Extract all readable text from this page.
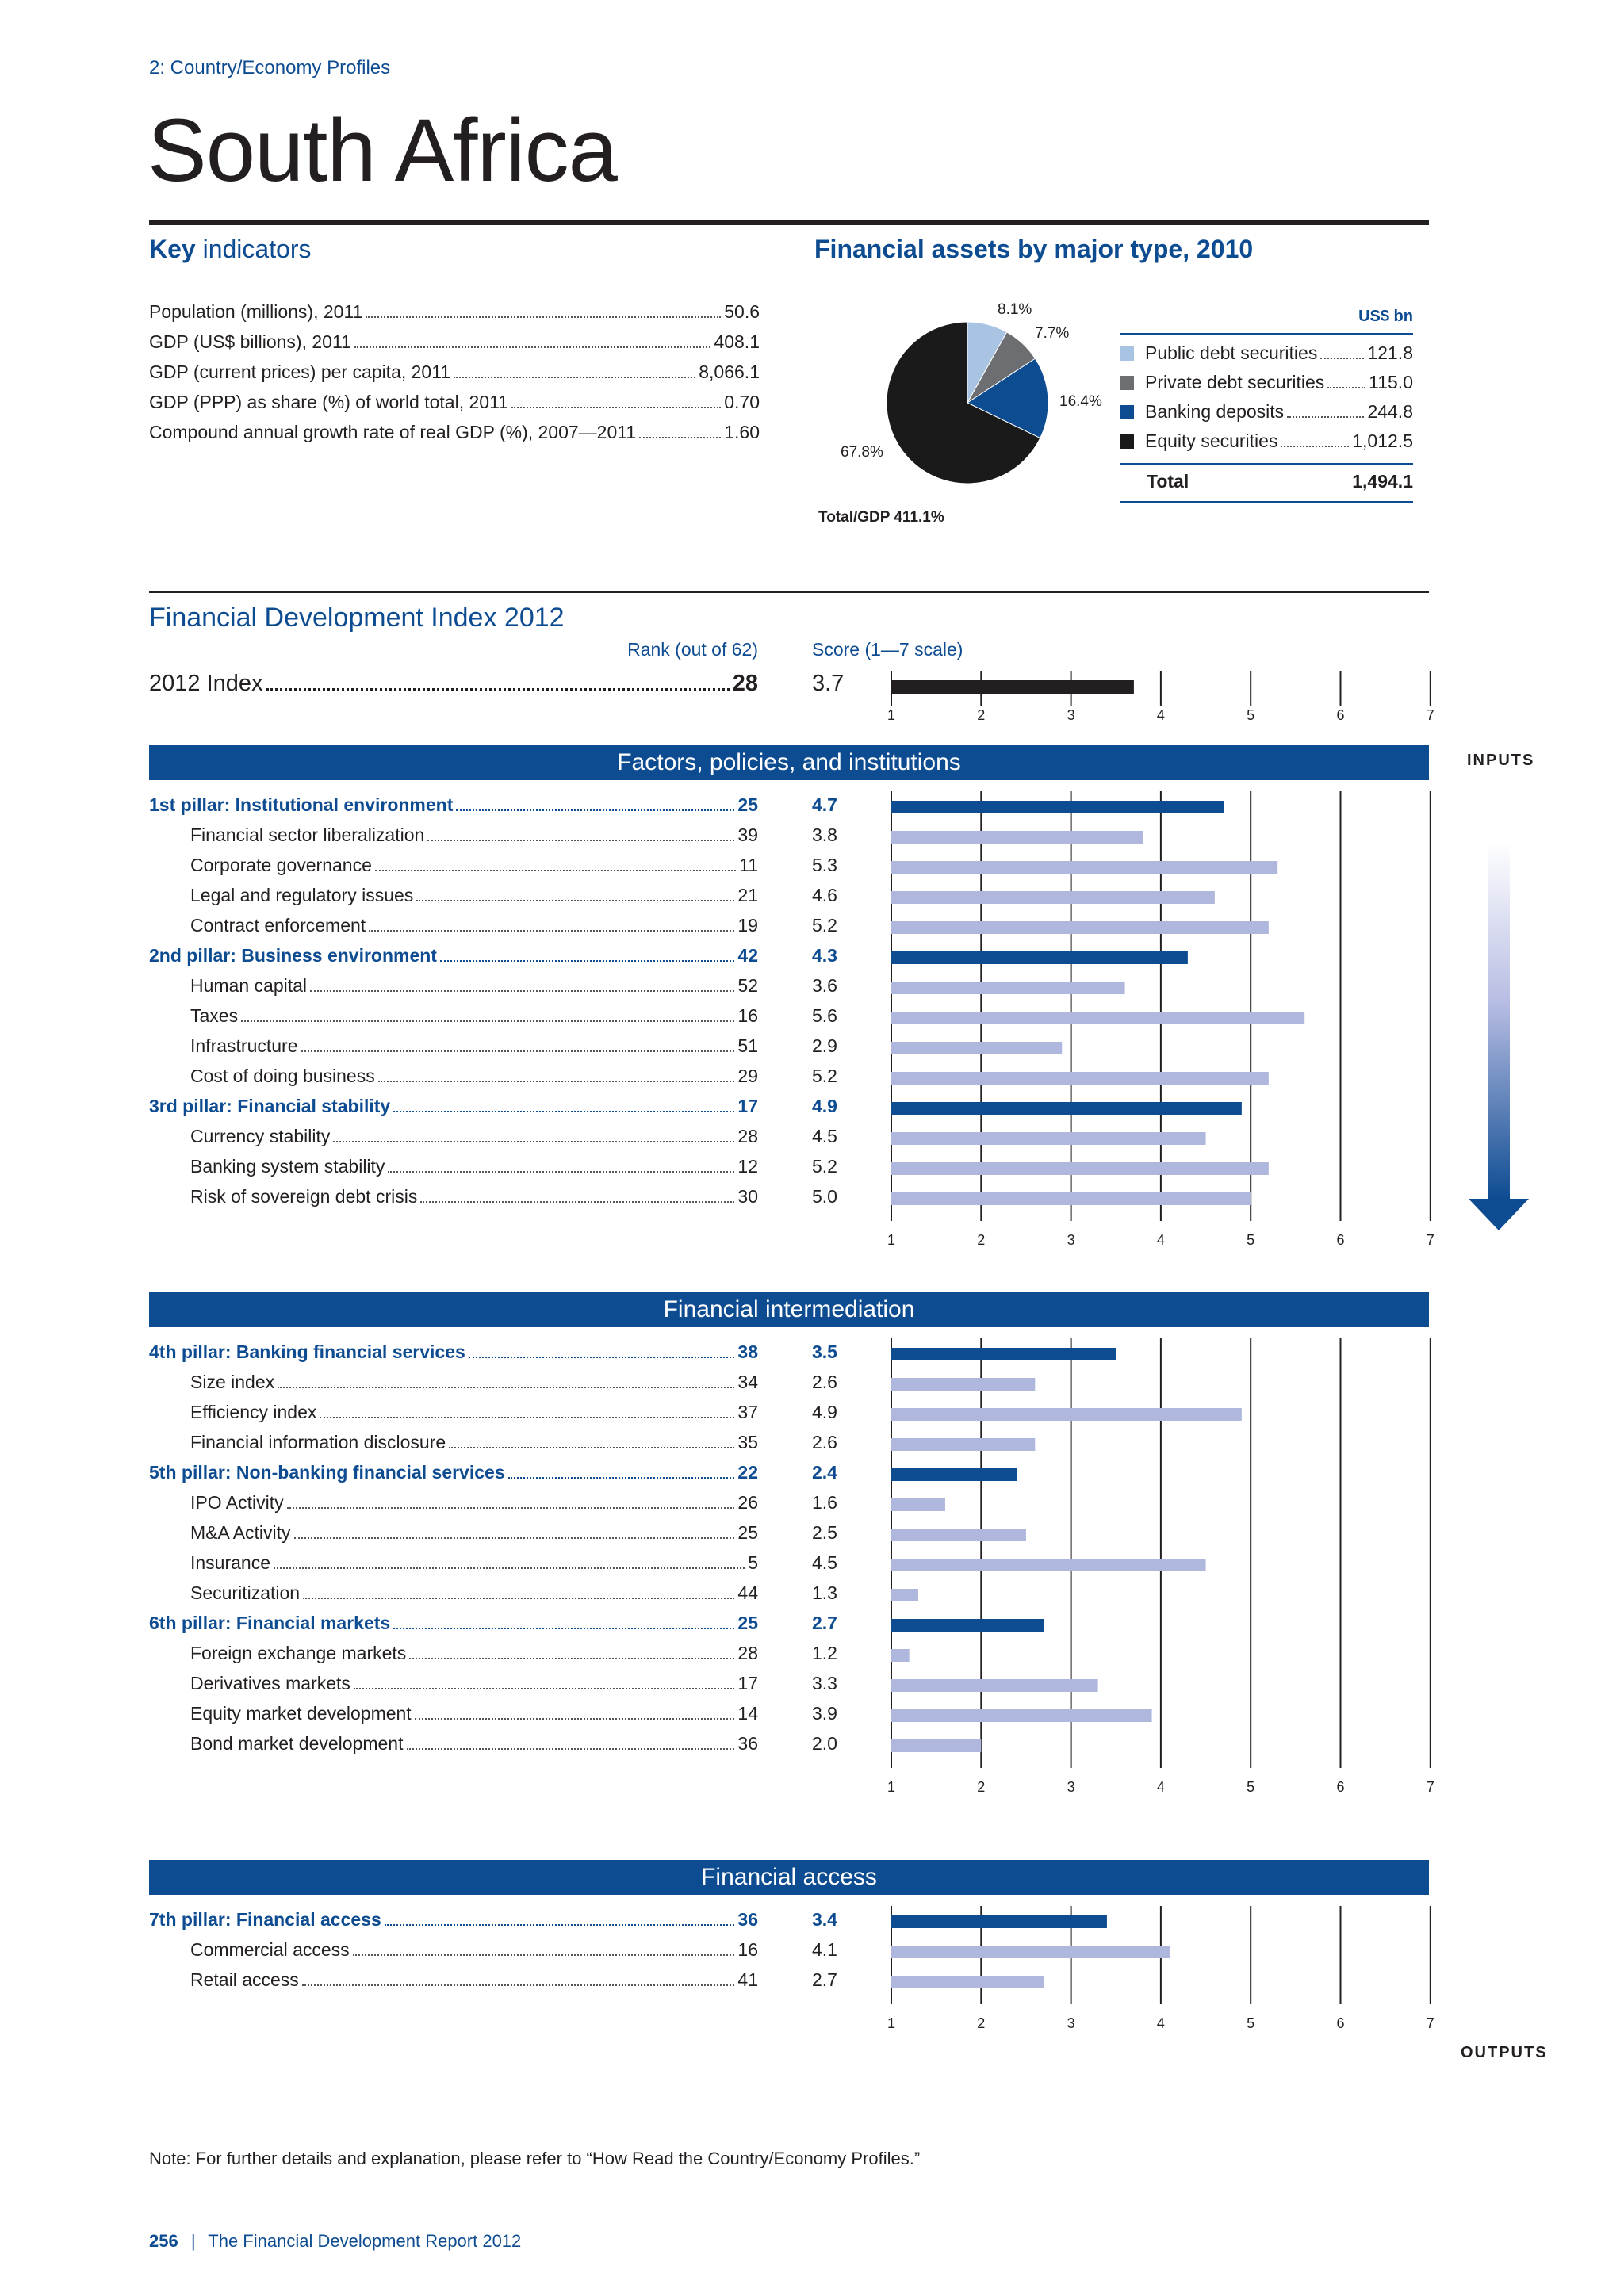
2: Country/Economy Profiles
South Africa
Key indicators
Population (millions), 2011	50.6
GDP (US$ billions), 2011	408.1
GDP (current prices) per capita, 2011	8,066.1
GDP (PPP) as share (%) of world total, 2011	0.70
Compound annual growth rate of real GDP (%), 2007—2011	1.60
Financial assets by major type, 2010
8.1%
7.7%
16.4%
67.8%
Total/GDP 411.1%
US$ bn
Public debt securities	121.8
Private debt securities 115.0
Banking deposits	244.8
Equity securities	1,012.5
Total	1,494.1
Financial Development Index 2012
Rank (out of 62)	Score (1—7 scale)
2012 Index	28 3.7
1	2	3	4	5	6	7
Factors, policies, and institutions
1st pillar: Institutional environment	25	4.7
Financial sector liberalization	39	3.8
Corporate governance	11	5.3
Legal and regulatory issues	21	4.6
Contract enforcement	19	5.2
2nd pillar: Business environment	42	4.3
Human capital	52	3.6
Taxes	16	5.6
Infrastructure	51	2.9
Cost of doing business	29	5.2
3rd pillar: Financial stability	17	4.9
Currency stability	28	4.5
Banking system stability	12	5.2
Risk of sovereign debt crisis	30	5.0
1	2	3	4	5	6	7
Financial intermediation
4th pillar: Banking financial services	38	3.5
Size index	34	2.6
Efficiency index	37	4.9
Financial information disclosure	35	2.6
5th pillar: Non-banking financial services	22	2.4
IPO Activity	26	1.6
M&A Activity	25	2.5
Insurance	5	4.5
Securitization	44	1.3
6th pillar: Financial markets	25	2.7
Foreign exchange markets	28	1.2
Derivatives markets	17	3.3
Equity market development	14	3.9
Bond market development	36	2.0
1	2	3	4	5	6	7
Financial access
7th pillar: Financial access	36	3.4
Commercial access	16	4.1
Retail access	41	2.7
1	2	3	4	5	6	7
INPUTS
OUTPUTS
Note: For further details and explanation, please refer to “How Read the Country/Economy Profiles.”
256 | The Financial Development Report 2012
